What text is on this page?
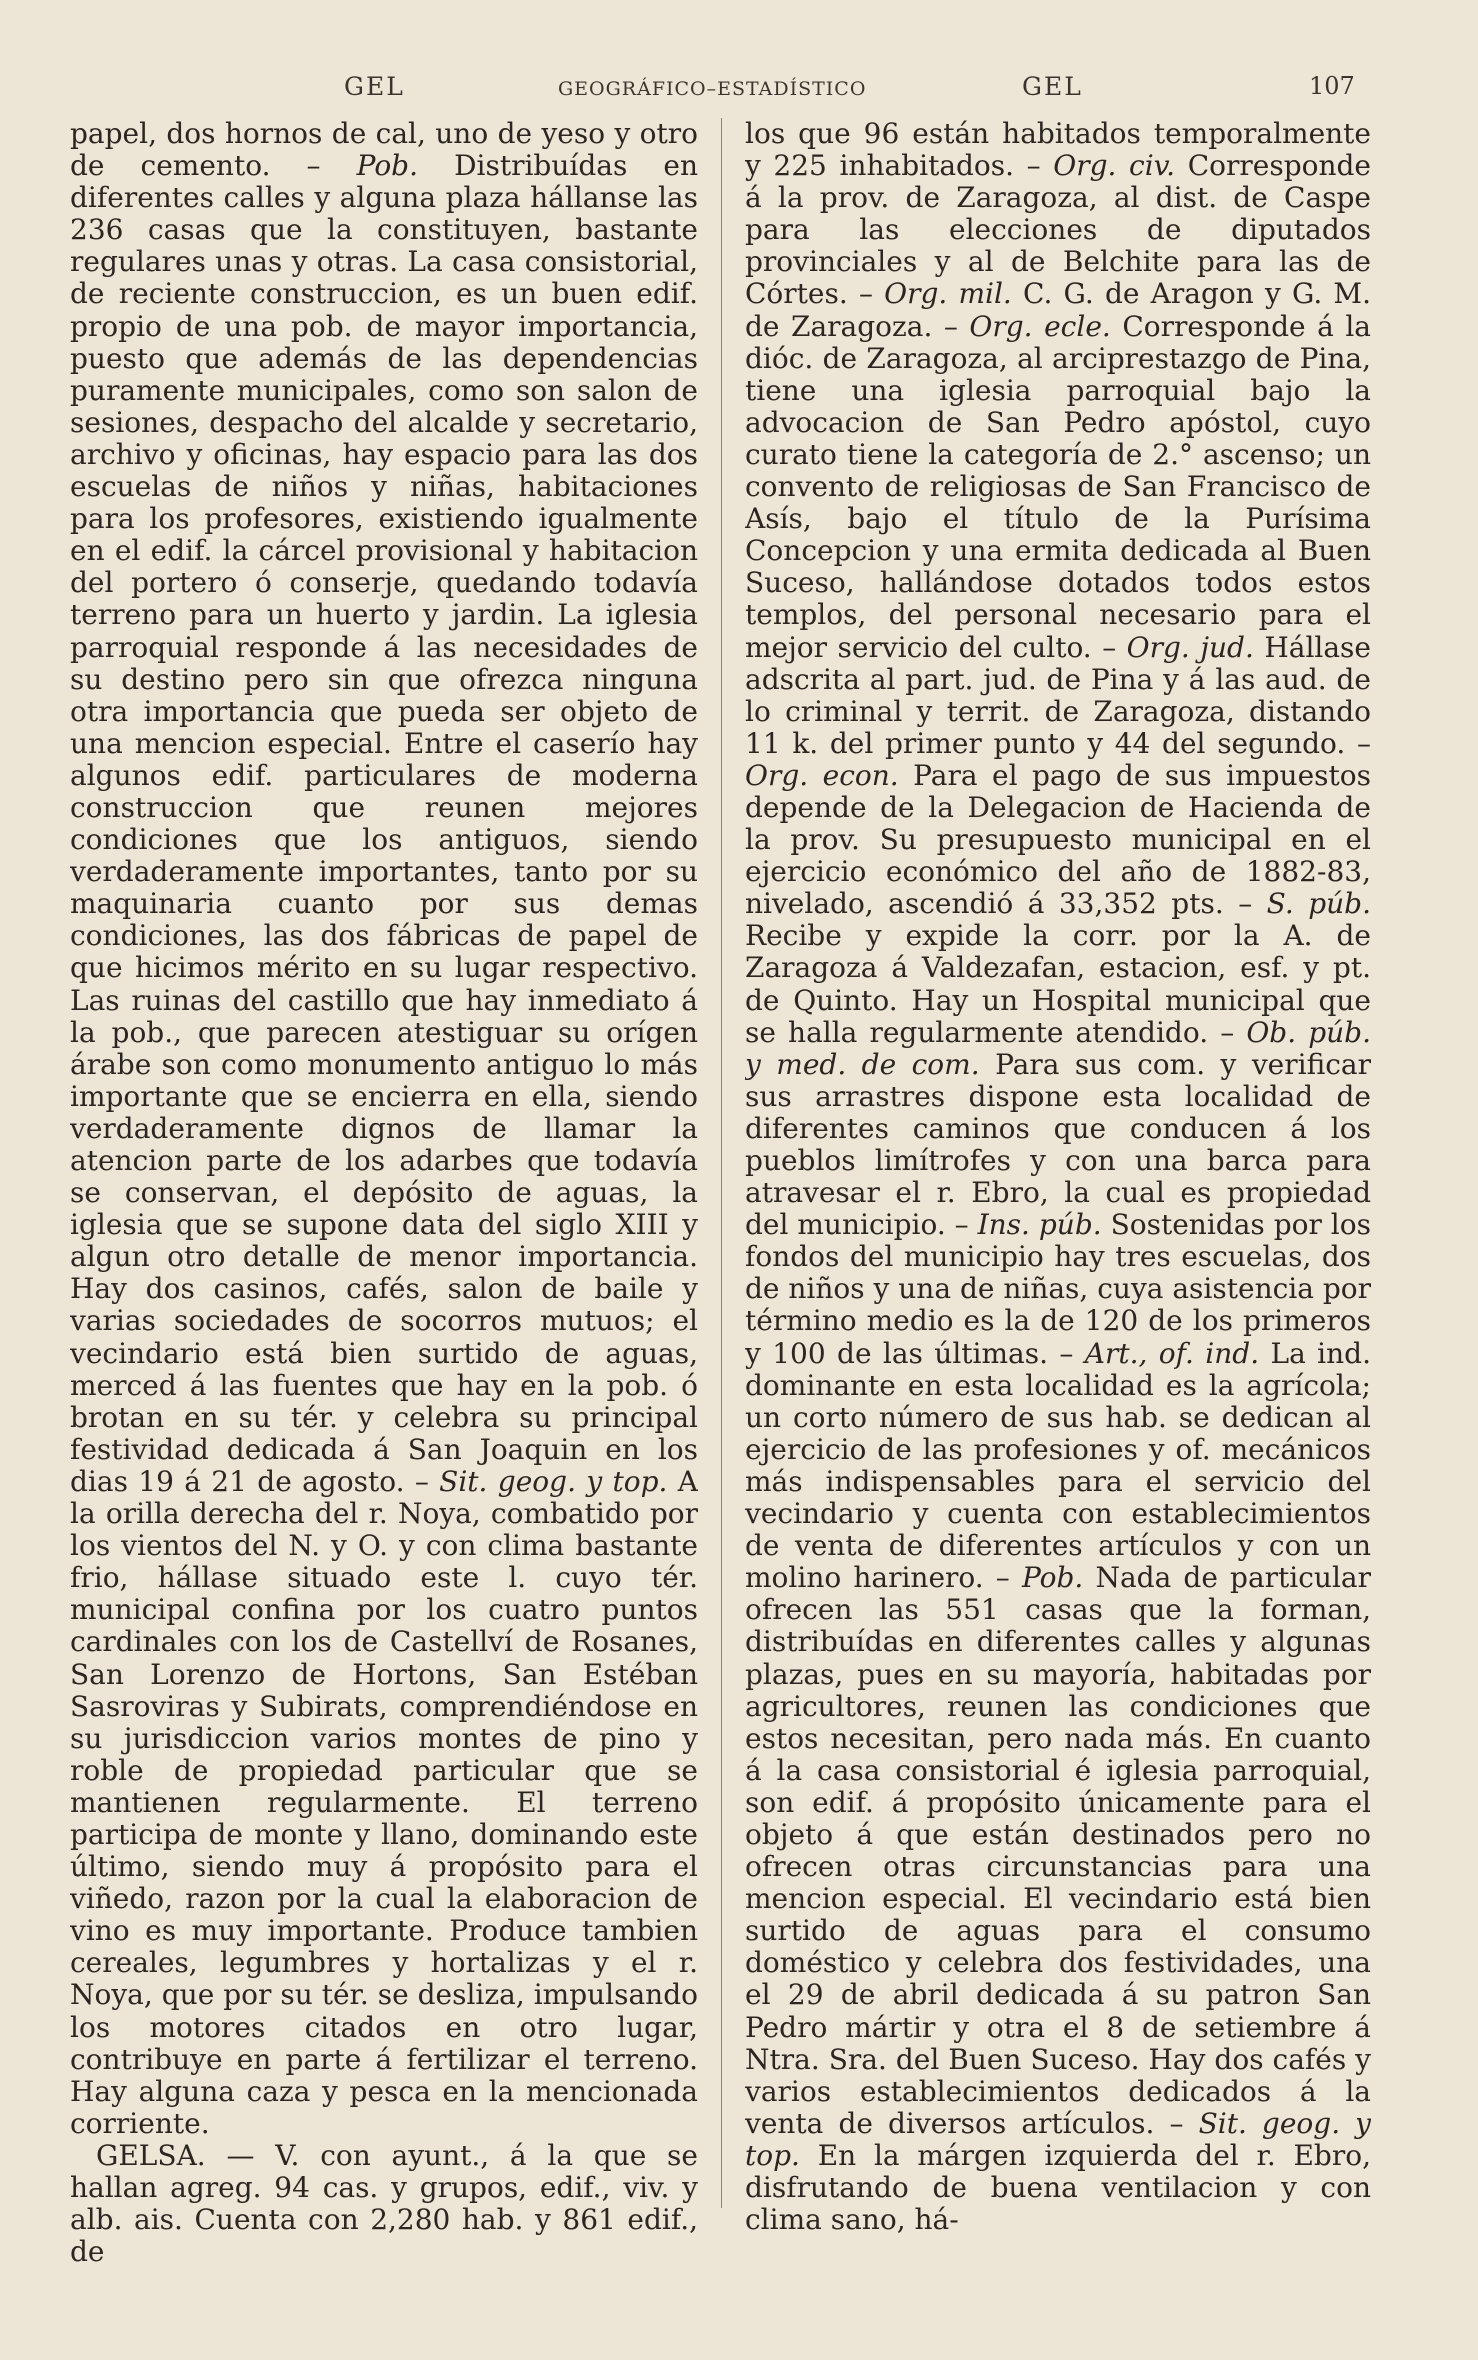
GEL	GEOGRÁFICO–ESTADÍSTICO	GEL	107

papel, dos hornos de cal, uno de yeso y otro de cemento. – Pob. Distribuídas en diferentes calles y alguna plaza hállanse las 236 casas que la constituyen, bastante regulares unas y otras. La casa consistorial, de reciente construccion, es un buen edif. propio de una pob. de mayor importancia, puesto que además de las dependencias puramente municipales, como son salon de sesiones, despacho del alcalde y secretario, archivo y oficinas, hay espacio para las dos escuelas de niños y niñas, habitaciones para los profesores, existiendo igualmente en el edif. la cárcel provisional y habitacion del portero ó conserje, quedando todavía terreno para un huerto y jardin. La iglesia parroquial responde á las necesidades de su destino pero sin que ofrezca ninguna otra importancia que pueda ser objeto de una mencion especial. Entre el caserío hay algunos edif. particulares de moderna construccion que reunen mejores condiciones que los antiguos, siendo verdaderamente importantes, tanto por su maquinaria cuanto por sus demas condiciones, las dos fábricas de papel de que hicimos mérito en su lugar respectivo. Las ruinas del castillo que hay inmediato á la pob., que parecen atestiguar su orígen árabe son como monumento antiguo lo más importante que se encierra en ella, siendo verdaderamente dignos de llamar la atencion parte de los adarbes que todavía se conservan, el depósito de aguas, la iglesia que se supone data del siglo XIII y algun otro detalle de menor importancia. Hay dos casinos, cafés, salon de baile y varias sociedades de socorros mutuos; el vecindario está bien surtido de aguas, merced á las fuentes que hay en la pob. ó brotan en su tér. y celebra su principal festividad dedicada á San Joaquin en los dias 19 á 21 de agosto. – Sit. geog. y top. A la orilla derecha del r. Noya, combatido por los vientos del N. y O. y con clima bastante frio, hállase situado este l. cuyo tér. municipal confina por los cuatro puntos cardinales con los de Castellví de Rosanes, San Lorenzo de Hortons, San Estéban Sasroviras y Subirats, comprendiéndose en su jurisdiccion varios montes de pino y roble de propiedad particular que se mantienen regularmente. El terreno participa de monte y llano, dominando este último, siendo muy á propósito para el viñedo, razon por la cual la elaboracion de vino es muy importante. Produce tambien cereales, legumbres y hortalizas y el r. Noya, que por su tér. se desliza, impulsando los motores citados en otro lugar, contribuye en parte á fertilizar el terreno. Hay alguna caza y pesca en la mencionada corriente.

GELSA. — V. con ayunt., á la que se hallan agreg. 94 cas. y grupos, edif., viv. y alb. ais. Cuenta con 2,280 hab. y 861 edif., de

los que 96 están habitados temporalmente y 225 inhabitados. – Org. civ. Corresponde á la prov. de Zaragoza, al dist. de Caspe para las elecciones de diputados provinciales y al de Belchite para las de Córtes. – Org. mil. C. G. de Aragon y G. M. de Zaragoza. – Org. ecle. Corresponde á la dióc. de Zaragoza, al arciprestazgo de Pina, tiene una iglesia parroquial bajo la advocacion de San Pedro apóstol, cuyo curato tiene la categoría de 2.° ascenso; un convento de religiosas de San Francisco de Asís, bajo el título de la Purísima Concepcion y una ermita dedicada al Buen Suceso, hallándose dotados todos estos templos, del personal necesario para el mejor servicio del culto. – Org. jud. Hállase adscrita al part. jud. de Pina y á las aud. de lo criminal y territ. de Zaragoza, distando 11 k. del primer punto y 44 del segundo. – Org. econ. Para el pago de sus impuestos depende de la Delegacion de Hacienda de la prov. Su presupuesto municipal en el ejercicio económico del año de 1882-83, nivelado, ascendió á 33,352 pts. – S. púb. Recibe y expide la corr. por la A. de Zaragoza á Valdezafan, estacion, esf. y pt. de Quinto. Hay un Hospital municipal que se halla regularmente atendido. – Ob. púb. y med. de com. Para sus com. y verificar sus arrastres dispone esta localidad de diferentes caminos que conducen á los pueblos limítrofes y con una barca para atravesar el r. Ebro, la cual es propiedad del municipio. – Ins. púb. Sostenidas por los fondos del municipio hay tres escuelas, dos de niños y una de niñas, cuya asistencia por término medio es la de 120 de los primeros y 100 de las últimas. – Art., of. ind. La ind. dominante en esta localidad es la agrícola; un corto número de sus hab. se dedican al ejercicio de las profesiones y of. mecánicos más indispensables para el servicio del vecindario y cuenta con establecimientos de venta de diferentes artículos y con un molino harinero. – Pob. Nada de particular ofrecen las 551 casas que la forman, distribuídas en diferentes calles y algunas plazas, pues en su mayoría, habitadas por agricultores, reunen las condiciones que estos necesitan, pero nada más. En cuanto á la casa consistorial é iglesia parroquial, son edif. á propósito únicamente para el objeto á que están destinados pero no ofrecen otras circunstancias para una mencion especial. El vecindario está bien surtido de aguas para el consumo doméstico y celebra dos festividades, una el 29 de abril dedicada á su patron San Pedro mártir y otra el 8 de setiembre á Ntra. Sra. del Buen Suceso. Hay dos cafés y varios establecimientos dedicados á la venta de diversos artículos. – Sit. geog. y top. En la márgen izquierda del r. Ebro, disfrutando de buena ventilacion y con clima sano, há-
